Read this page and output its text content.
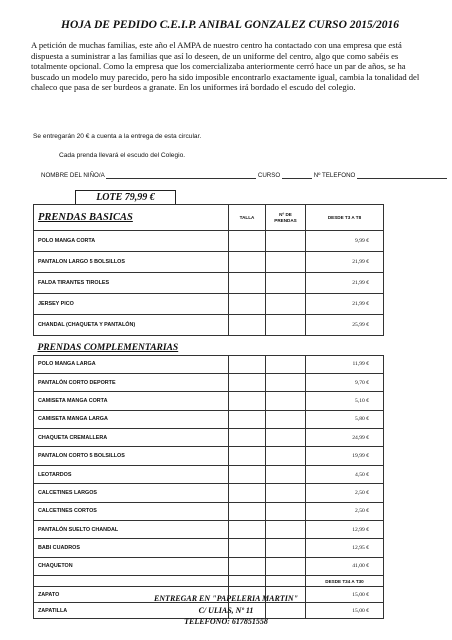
HOJA DE PEDIDO C.E.I.P. ANIBAL GONZALEZ CURSO 2015/2016
A petición de muchas familias, este año el AMPA de nuestro centro ha contactado con una empresa que está dispuesta a suministrar a las familias que así lo deseen, de un uniforme del centro, algo que como sabéis es totalmente opcional. Como la empresa que los comercializaba anteriormente cerró hace un par de años, se ha buscado un modelo muy parecido, pero ha sido imposible encontrarlo exactamente igual, cambia la tonalidad del chaleco que pasa de ser burdeos a granate. En los uniformes irá bordado el escudo del colegio.
Se entregarán 20 € a cuenta a la entrega de esta circular.
Cada prenda llevará el escudo del Colegio.
NOMBRE DEL NIÑO/A	CURSO	Nº TELEFONO
LOTE 79,99 €
PRENDAS BASICAS	TALLA	Nº DE PRENDAS	DESDE T3 A T8
POLO MANGA CORTA			9,99 €
PANTALON LARGO 5 BOLSILLOS			21,99 €
FALDA TIRANTES TIROLES			21,99 €
JERSEY PICO			21,99 €
CHANDAL (CHAQUETA Y PANTALÓN)			25,99 €
PRENDAS COMPLEMENTARIAS			
POLO MANGA LARGA			11,99 €
PANTALÓN CORTO DEPORTE			9,70 €
CAMISETA MANGA CORTA			5,10 €
CAMISETA MANGA LARGA			5,80 €
CHAQUETA CREMALLERA			24,99 €
PANTALON CORTO 5 BOLSILLOS			19,99 €
LEOTARDOS			4,50 €
CALCETINES LARGOS			2,50 €
CALCETINES CORTOS			2,50 €
PANTALÓN SUELTO CHANDAL			12,99 €
BABI CUADROS			12,95 €
CHAQUETON			41,00 €
			DESDE T34 A T30
ZAPATO			15,00 €
ZAPATILLA			15,00 €
ENTREGAR EN "PAPELERIA MARTIN"
C/ ULIAS, Nº 11
TELEFONO: 617851558
